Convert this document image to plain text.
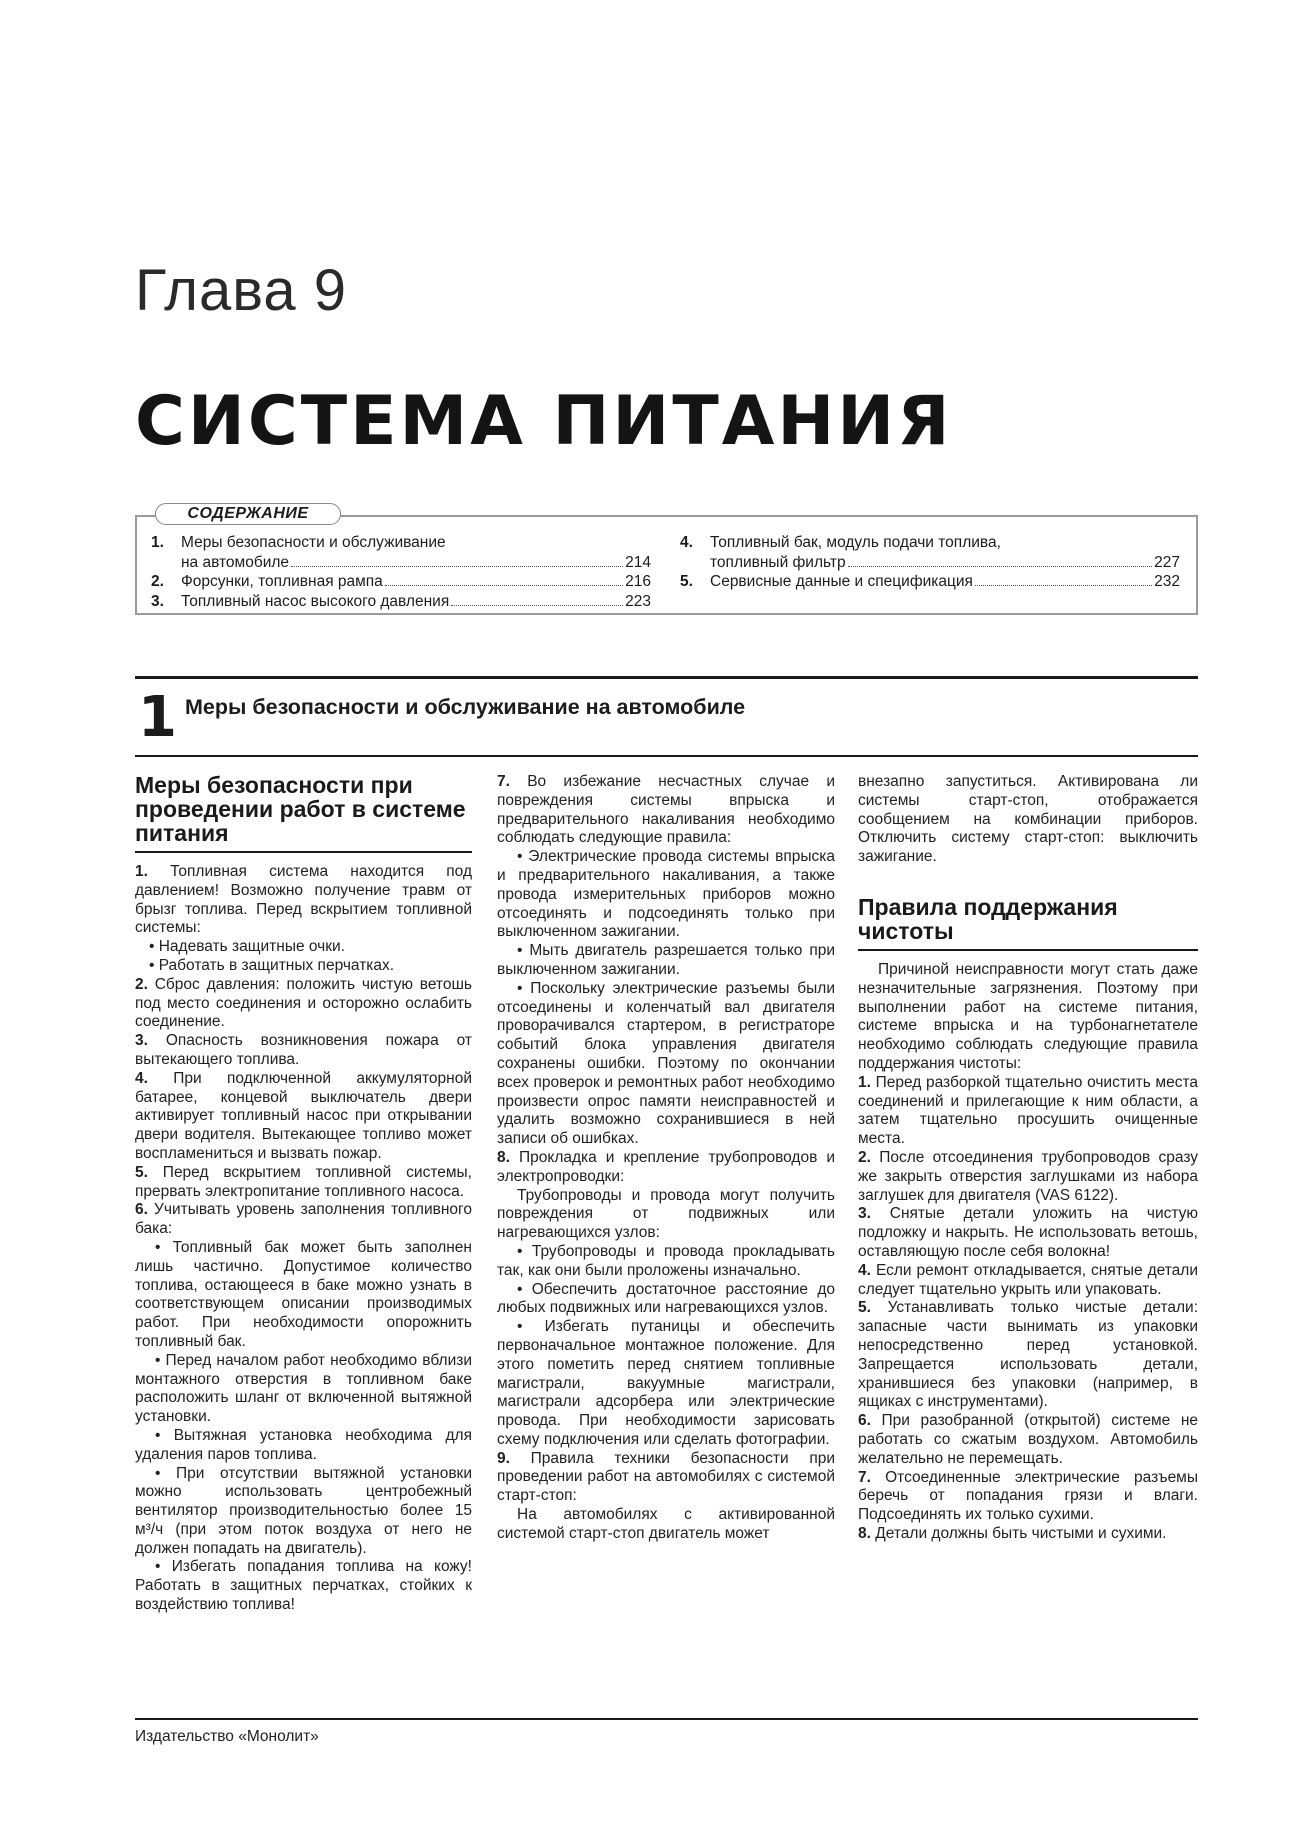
Глава 9
СИСТЕМА ПИТАНИЯ
СОДЕРЖАНИЕ
1.	Меры безопасности и обслуживание
на автомобиле	214
2.	Форсунки, топливная рампа	216
3.	Топливный насос высокого давления	223
4.	Топливный бак, модуль подачи топлива,
топливный фильтр	227
5.	Сервисные данные и спецификация	232
1 Меры безопасности и обслуживание на автомобиле
Меры безопасности при проведении работ в системе питания

1. Топливная система находится под давлением! Возможно получение травм от брызг топлива. Перед вскрытием топливной системы:

• Надевать защитные очки.

• Работать в защитных перчатках.

2. Сброс давления: положить чистую ветошь под место соединения и осторожно ослабить соединение.

3. Опасность возникновения пожара от вытекающего топлива.

4. При подключенной аккумуляторной батарее, концевой выключатель двери активирует топливный насос при открывании двери водителя. Вытекающее топливо может воспламениться и вызвать пожар.

5. Перед вскрытием топливной системы, прервать электропитание топливного насоса.

6. Учитывать уровень заполнения топливного бака:

• Топливный бак может быть заполнен лишь частично. Допустимое количество топлива, остающееся в баке можно узнать в соответствующем описании производимых работ. При необходимости опорожнить топливный бак.

• Перед началом работ необходимо вблизи монтажного отверстия в топливном баке расположить шланг от включенной вытяжной установки.

• Вытяжная установка необходима для удаления паров топлива.

• При отсутствии вытяжной установки можно использовать центробежный вентилятор производительностью более 15 м³/ч (при этом поток воздуха от него не должен попадать на двигатель).

• Избегать попадания топлива на кожу! Работать в защитных перчатках, стойких к воздействию топлива!

7. Во избежание несчастных случае и повреждения системы впрыска и предварительного накаливания необходимо соблюдать следующие правила:

• Электрические провода системы впрыска и предварительного накаливания, а также провода измерительных приборов можно отсоединять и подсоединять только при выключенном зажигании.

• Мыть двигатель разрешается только при выключенном зажигании.

• Поскольку электрические разъемы были отсоединены и коленчатый вал двигателя проворачивался стартером, в регистраторе событий блока управления двигателя сохранены ошибки. Поэтому по окончании всех проверок и ремонтных работ необходимо произвести опрос памяти неисправностей и удалить возможно сохранившиеся в ней записи об ошибках.

8. Прокладка и крепление трубопроводов и электропроводки:

Трубопроводы и провода могут получить повреждения от подвижных или нагревающихся узлов:

• Трубопроводы и провода прокладывать так, как они были проложены изначально.

• Обеспечить достаточное расстояние до любых подвижных или нагревающихся узлов.

• Избегать путаницы и обеспечить первоначальное монтажное положение. Для этого пометить перед снятием топливные магистрали, вакуумные магистрали, магистрали адсорбера или электрические провода. При необходимости зарисовать схему подключения или сделать фотографии.

9. Правила техники безопасности при проведении работ на автомобилях с системой старт-стоп:

На автомобилях с активированной системой старт-стоп двигатель может

внезапно запуститься. Активирована ли системы старт-стоп, отображается сообщением на комбинации приборов. Отключить систему старт-стоп: выключить зажигание.

Правила поддержания чистоты

Причиной неисправности могут стать даже незначительные загрязнения. Поэтому при выполнении работ на системе питания, системе впрыска и на турбонагнетателе необходимо соблюдать следующие правила поддержания чистоты:

1. Перед разборкой тщательно очистить места соединений и прилегающие к ним области, а затем тщательно просушить очищенные места.

2. После отсоединения трубопроводов сразу же закрыть отверстия заглушками из набора заглушек для двигателя (VAS 6122).

3. Снятые детали уложить на чистую подложку и накрыть. Не использовать ветошь, оставляющую после себя волокна!

4. Если ремонт откладывается, снятые детали следует тщательно укрыть или упаковать.

5. Устанавливать только чистые детали: запасные части вынимать из упаковки непосредственно перед установкой. Запрещается использовать детали, хранившиеся без упаковки (например, в ящиках с инструментами).

6. При разобранной (открытой) системе не работать со сжатым воздухом. Автомобиль желательно не перемещать.

7. Отсоединенные электрические разъемы беречь от попадания грязи и влаги. Подсоединять их только сухими.

8. Детали должны быть чистыми и сухими.

Издательство «Монолит»
